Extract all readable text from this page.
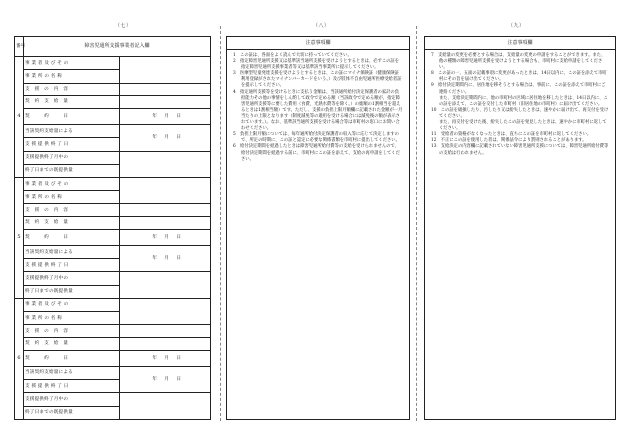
（七）	（八）	（九）
番号	障害児通所支援事業者記入欄	
4	事 業 者 及 び そ の	
	事 業 所 の 名 称	
	支　援　の　内　容	
	契　約　支　給　量	
	契　　　約　　　日	年 月 日
	当該契約支給量による	年 月 日
	支 援 提 供 終 了 日	
	支援提供終了月中の	
	終了日までの既提供量	
5	事 業 者 及 び そ の	
	事 業 所 の 名 称	
	支　援　の　内　容	
	契　約　支　給　量	
	契　　　約　　　日	年 月 日
	当該契約支給量による	年 月 日
	支 援 提 供 終 了 日	
	支援提供終了月中の	
	終了日までの既提供量	
6	事 業 者 及 び そ の	
	事 業 所 の 名 称	
	支　援　の　内　容	
	契　約　支　給　量	
	契　　　約　　　日	年 月 日
	当該契約支給量による	年 月 日
	支 援 提 供 終 了 日	
	支援提供終了月中の	
	終了日までの既提供量	
注意事項欄
1　この証は、各面をよく読んで大切に持っていてください。
2　指定障害児通所支援又は基準該当通所支援を受けようとするときは、必ずこの証を指定障害児通所支援事業者等又は基準該当事業所に提示してください。
3　医療型児童発達支援を受けようとするときは、この証にマイナ保険証（健康保険証利用登録がされたマイナンバーカードをいう。）及び肢体不自由児通所医療受給者証を提示してください。
4　指定通所支援等を受けるときに支払う金額は、当該通所給付決定保護者の家計の負担能力その他の事情をしん酌して政令で定める額（当該政令で定める額が、指定障害児通所支援等に要した費用（食費、光熱水費等を除く。）の総額の1割相当を超えるときは1割相当額）です。ただし、支援の負担上限月額欄に記載された金額が一月当たりの上限となります（制度減免等の適用を受ける場合には減免後の額が表示されています。）。なお、基準該当通所支援を受ける場合等は市町村の窓口にお問い合わせください。
5　負担上限月額については、毎年通所給付決定保護者の収入等に応じて決定しますので、所定の時期に、この証と認定に必要な関係書類を市町村に提出してください。
6　給付決定期間を経過したときは障害児通所給付費等の支給を受けられませんので、給付決定期間を経過する前に、市町村にこの証を添えて、支給の再申請をしてください。
注意事項欄
7　支給量の変更を必要とする場合は、支給量の変更の申請をすることができます。また、他の種類の障害児通所支援を受けようとする場合も、市町村に支給申請をしてください。
8　この証の一、五面の記載事項に変更があったときは、14日以内に、この証を添えて市町村にその旨を届け出てください。
9　給付決定期間内に、居住地を移そうとする場合は、事前に、この証を添えて市町村にご連絡ください。
また、支給決定期間内に、他の市町村の区域に居住地を移したときは、14日以内に、この証を添えて、この証を交付した市町村（旧居住地の市町村）に届け出てください。
10　この証を破損したり、汚したり又は紛失したときは、速やかに届け出て、再交付を受けてください。
また、再交付を受けた後、紛失したこの証を発見したときは、速やかに市町村に返してください。
11　受給者の資格がなくなったときは、直ちにこの証を市町村に返してください。
12　不正にこの証を使用した者は、関係法令により罰則されることがあります。
13　支給決定の内容欄に記載されていない障害児通所支援については、障害児通所給付費等の支給は行われません。
